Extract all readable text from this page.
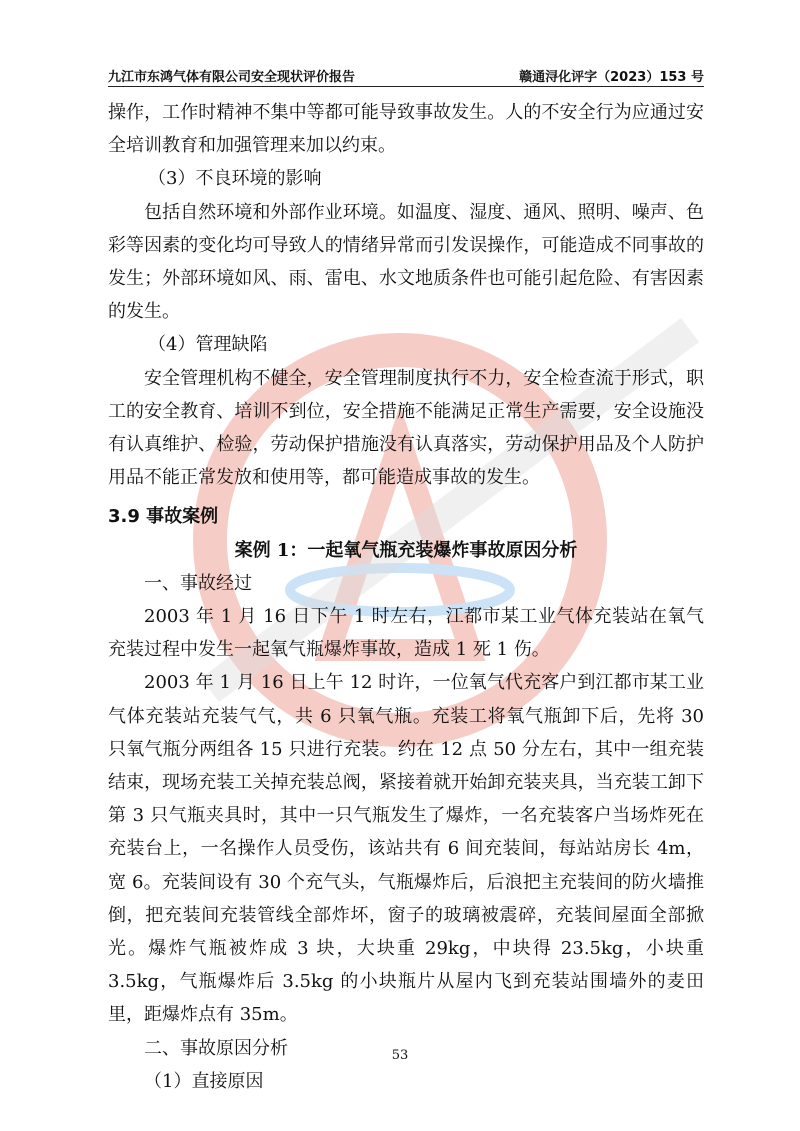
九江市东鸿气体有限公司安全现状评价报告	赣通浔化评字（2023）153 号

操作，工作时精神不集中等都可能导致事故发生。人的不安全行为应通过安全培训教育和加强管理来加以约束。

（3）不良环境的影响

包括自然环境和外部作业环境。如温度、湿度、通风、照明、噪声、色彩等因素的变化均可导致人的情绪异常而引发误操作，可能造成不同事故的发生；外部环境如风、雨、雷电、水文地质条件也可能引起危险、有害因素的发生。

（4）管理缺陷

安全管理机构不健全，安全管理制度执行不力，安全检查流于形式，职工的安全教育、培训不到位，安全措施不能满足正常生产需要，安全设施没有认真维护、检验，劳动保护措施没有认真落实，劳动保护用品及个人防护用品不能正常发放和使用等，都可能造成事故的发生。

3.9 事故案例

案例 1：一起氧气瓶充装爆炸事故原因分析

一、事故经过

2003 年 1 月 16 日下午 1 时左右，江都市某工业气体充装站在氧气充装过程中发生一起氧气瓶爆炸事故，造成 1 死 1 伤。

2003 年 1 月 16 日上午 12 时许，一位氧气代充客户到江都市某工业气体充装站充装气气，共 6 只氧气瓶。充装工将氧气瓶卸下后，先将 30 只氧气瓶分两组各 15 只进行充装。约在 12 点 50 分左右，其中一组充装结束，现场充装工关掉充装总阀，紧接着就开始卸充装夹具，当充装工卸下第 3 只气瓶夹具时，其中一只气瓶发生了爆炸，一名充装客户当场炸死在充装台上，一名操作人员受伤，该站共有 6 间充装间，每站站房长 4m，宽 6。充装间设有 30 个充气头，气瓶爆炸后，后浪把主充装间的防火墙推倒，把充装间充装管线全部炸坏，窗子的玻璃被震碎，充装间屋面全部掀光。爆炸气瓶被炸成 3 块，大块重 29kg，中块得 23.5kg，小块重 3.5kg，气瓶爆炸后 3.5kg 的小块瓶片从屋内飞到充装站围墙外的麦田里，距爆炸点有 35m。

二、事故原因分析

（1）直接原因

53
